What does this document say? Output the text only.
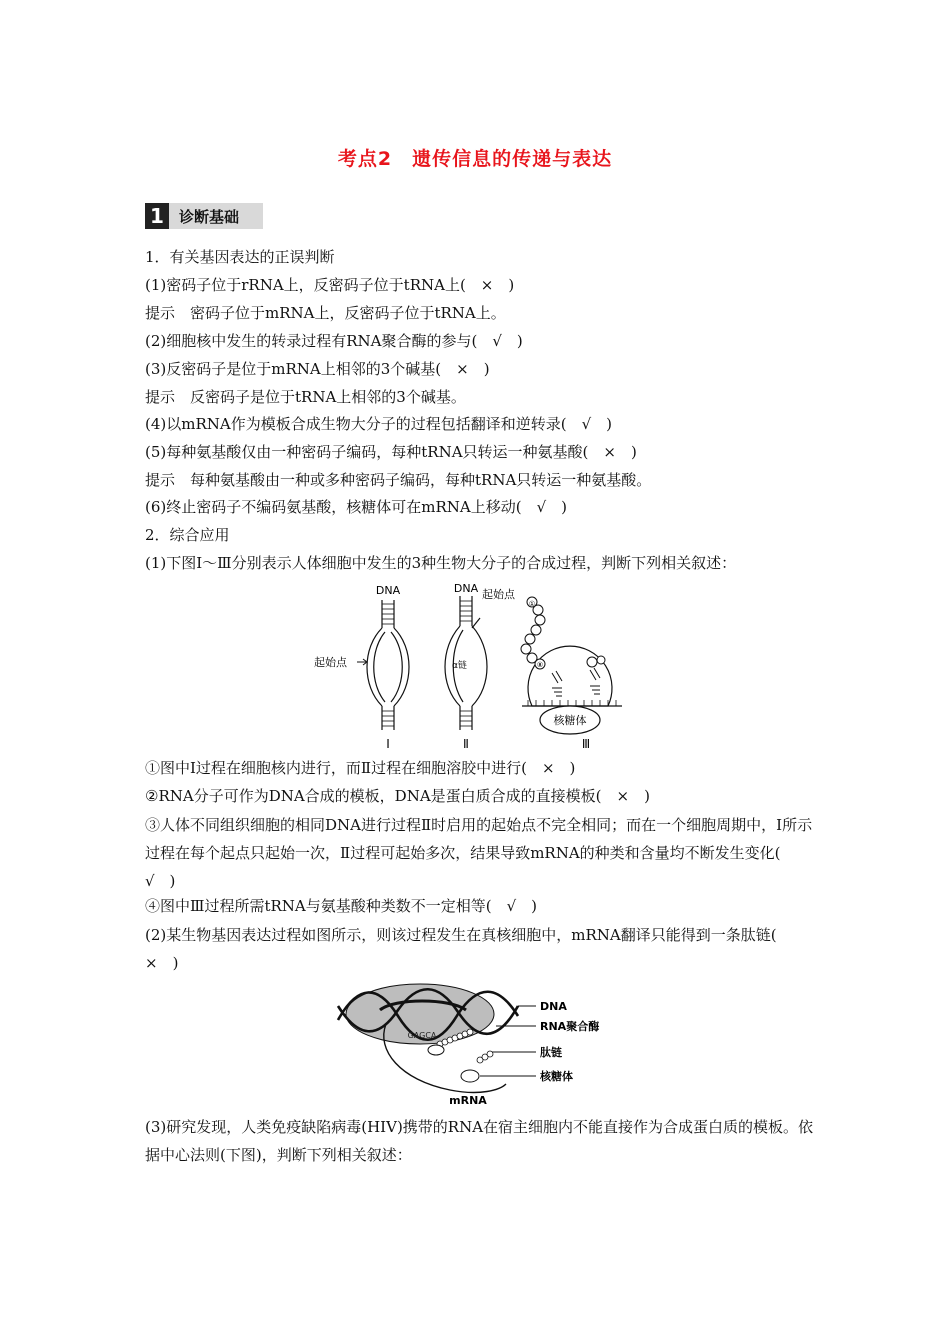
考点2　遗传信息的传递与表达
1	诊断基础
1．有关基因表达的正误判断
(1)密码子位于rRNA上，反密码子位于tRNA上(　×　)
提示　密码子位于mRNA上，反密码子位于tRNA上。
(2)细胞核中发生的转录过程有RNA聚合酶的参与(　√　)
(3)反密码子是位于mRNA上相邻的3个碱基(　×　)
提示　反密码子是位于tRNA上相邻的3个碱基。
(4)以mRNA作为模板合成生物大分子的过程包括翻译和逆转录(　√　)
(5)每种氨基酸仅由一种密码子编码，每种tRNA只转运一种氨基酸(　×　)
提示　每种氨基酸由一种或多种密码子编码，每种tRNA只转运一种氨基酸。
(6)终止密码子不编码氨基酸，核糖体可在mRNA上移动(　√　)
2．综合应用
(1)下图Ⅰ～Ⅲ分别表示人体细胞中发生的3种生物大分子的合成过程，判断下列相关叙述：
DNA
起始点
Ⅰ
DNA 起始点
α链
Ⅱ
①
⑧
核糖体
Ⅲ
①图中Ⅰ过程在细胞核内进行，而Ⅱ过程在细胞溶胶中进行(　×　)
②RNA分子可作为DNA合成的模板，DNA是蛋白质合成的直接模板(　×　)
③人体不同组织细胞的相同DNA进行过程Ⅱ时启用的起始点不完全相同；而在一个细胞周期中，Ⅰ所示过程在每个起点只起始一次，Ⅱ过程可起始多次，结果导致mRNA的种类和含量均不断发生变化(　√　)
④图中Ⅲ过程所需tRNA与氨基酸种类数不一定相等(　√　)
(2)某生物基因表达过程如图所示，则该过程发生在真核细胞中，mRNA翻译只能得到一条肽链(　×　)
GAGCA
DNA
RNA聚合酶
肽链
核糖体
mRNA
(3)研究发现，人类免疫缺陷病毒(HIV)携带的RNA在宿主细胞内不能直接作为合成蛋白质的模板。依据中心法则(下图)，判断下列相关叙述：
